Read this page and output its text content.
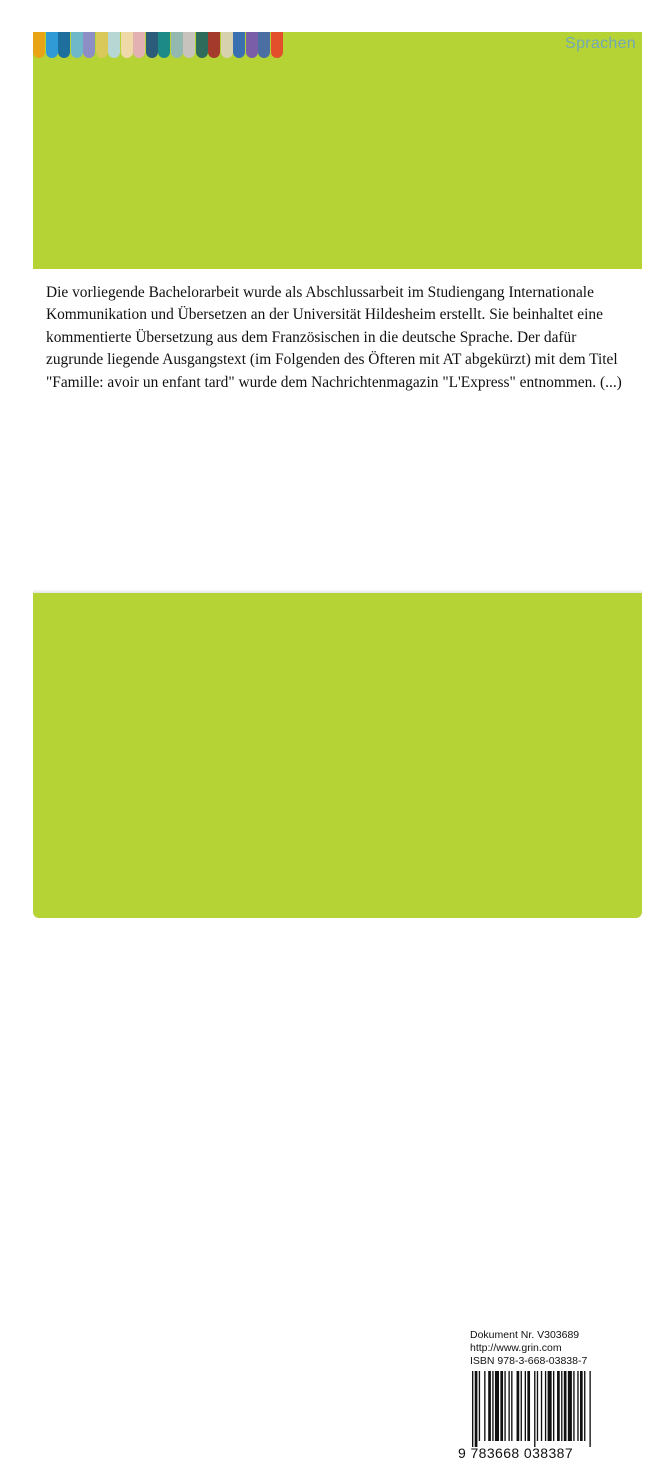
Sprachen

Die vorliegende Bachelorarbeit wurde als Abschlussarbeit im Studiengang Internationale Kommunikation und Übersetzen an der Universität Hildesheim erstellt. Sie beinhaltet eine kommentierte Übersetzung aus dem Französischen in die deutsche Sprache. Der dafür zugrunde liegende Ausgangstext (im Folgenden des Öfteren mit AT abgekürzt) mit dem Titel "Famille: avoir un enfant tard" wurde dem Nachrichtenmagazin "L'Express" entnommen. (...)

www.grin.com
Dokument Nr. V303689
http://www.grin.com
ISBN 978-3-668-03838-7
9 783668 038387
